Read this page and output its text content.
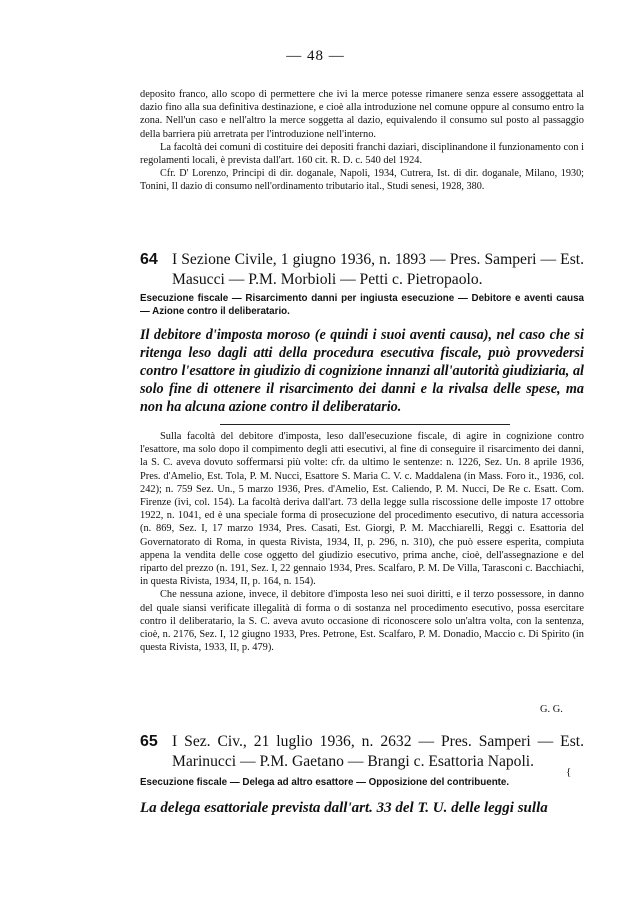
— 48 —

deposito franco, allo scopo di permettere che ivi la merce potesse rimanere senza essere assoggettata al dazio fino alla sua definitiva destinazione, e cioè alla introduzione nel comune oppure al consumo entro la zona. Nell'un caso e nell'altro la merce soggetta al dazio, equivalendo il consumo sul posto al passaggio della barriera più arretrata per l'introduzione nell'interno.

La facoltà dei comuni di costituire dei depositi franchi daziari, disciplinandone il funzionamento con i regolamenti locali, è prevista dall'art. 160 cit. R. D. c. 540 del 1924.

Cfr. D' Lorenzo, Principi di dir. doganale, Napoli, 1934, Cutrera, Ist. di dir. doganale, Milano, 1930; Tonini, Il dazio di consumo nell'ordinamento tributario ital., Studi senesi, 1928, 380.

64 I Sezione Civile, 1 giugno 1936, n. 1893 — Pres. Samperi — Est. Masucci — P.M. Morbioli — Petti c. Pietropaolo.
Esecuzione fiscale — Risarcimento danni per ingiusta esecuzione — Debitore e aventi causa — Azione contro il deliberatario.
Il debitore d'imposta moroso (e quindi i suoi aventi causa), nel caso che si ritenga leso dagli atti della procedura esecutiva fiscale, può provvedersi contro l'esattore in giudizio di cognizione innanzi all'autorità giudiziaria, al solo fine di ottenere il risarcimento dei danni e la rivalsa delle spese, ma non ha alcuna azione contro il deliberatario.

Sulla facoltà del debitore d'imposta, leso dall'esecuzione fiscale, di agire in cognizione contro l'esattore, ma solo dopo il compimento degli atti esecutivi, al fine di conseguire il risarcimento dei danni, la S. C. aveva dovuto soffermarsi più volte: cfr. da ultimo le sentenze: n. 1226, Sez. Un. 8 aprile 1936, Pres. d'Amelio, Est. Tola, P. M. Nucci, Esattore S. Maria C. V. c. Maddalena (in Mass. Foro it., 1936, col. 242); n. 759 Sez. Un., 5 marzo 1936, Pres. d'Amelio, Est. Caliendo, P. M. Nucci, De Re c. Esatt. Com. Firenze (ivi, col. 154). La facoltà deriva dall'art. 73 della legge sulla riscossione delle imposte 17 ottobre 1922, n. 1041, ed è una speciale forma di prosecuzione del procedimento esecutivo, di natura accessoria (n. 869, Sez. I, 17 marzo 1934, Pres. Casati, Est. Giorgi, P. M. Macchiarelli, Reggi c. Esattoria del Governatorato di Roma, in questa Rivista, 1934, II, p. 296, n. 310), che può essere esperita, compiuta appena la vendita delle cose oggetto del giudizio esecutivo, prima anche, cioè, dell'assegnazione e del riparto del prezzo (n. 191, Sez. I, 22 gennaio 1934, Pres. Scalfaro, P. M. De Villa, Tarasconi c. Bacchiachi, in questa Rivista, 1934, II, p. 164, n. 154).

Che nessuna azione, invece, il debitore d'imposta leso nei suoi diritti, e il terzo possessore, in danno del quale siansi verificate illegalità di forma o di sostanza nel procedimento esecutivo, possa esercitare contro il deliberatario, la S. C. aveva avuto occasione di riconoscere solo un'altra volta, con la sentenza, cioè, n. 2176, Sez. I, 12 giugno 1933, Pres. Petrone, Est. Scalfaro, P. M. Donadio, Maccio c. Di Spirito (in questa Rivista, 1933, II, p. 479).

G. G.
65 I Sez. Civ., 21 luglio 1936, n. 2632 — Pres. Samperi — Est. Marinucci — P.M. Gaetano — Brangi c. Esattoria Napoli.
{
Esecuzione fiscale — Delega ad altro esattore — Opposizione del contribuente.
La delega esattoriale prevista dall'art. 33 del T. U. delle leggi sulla
